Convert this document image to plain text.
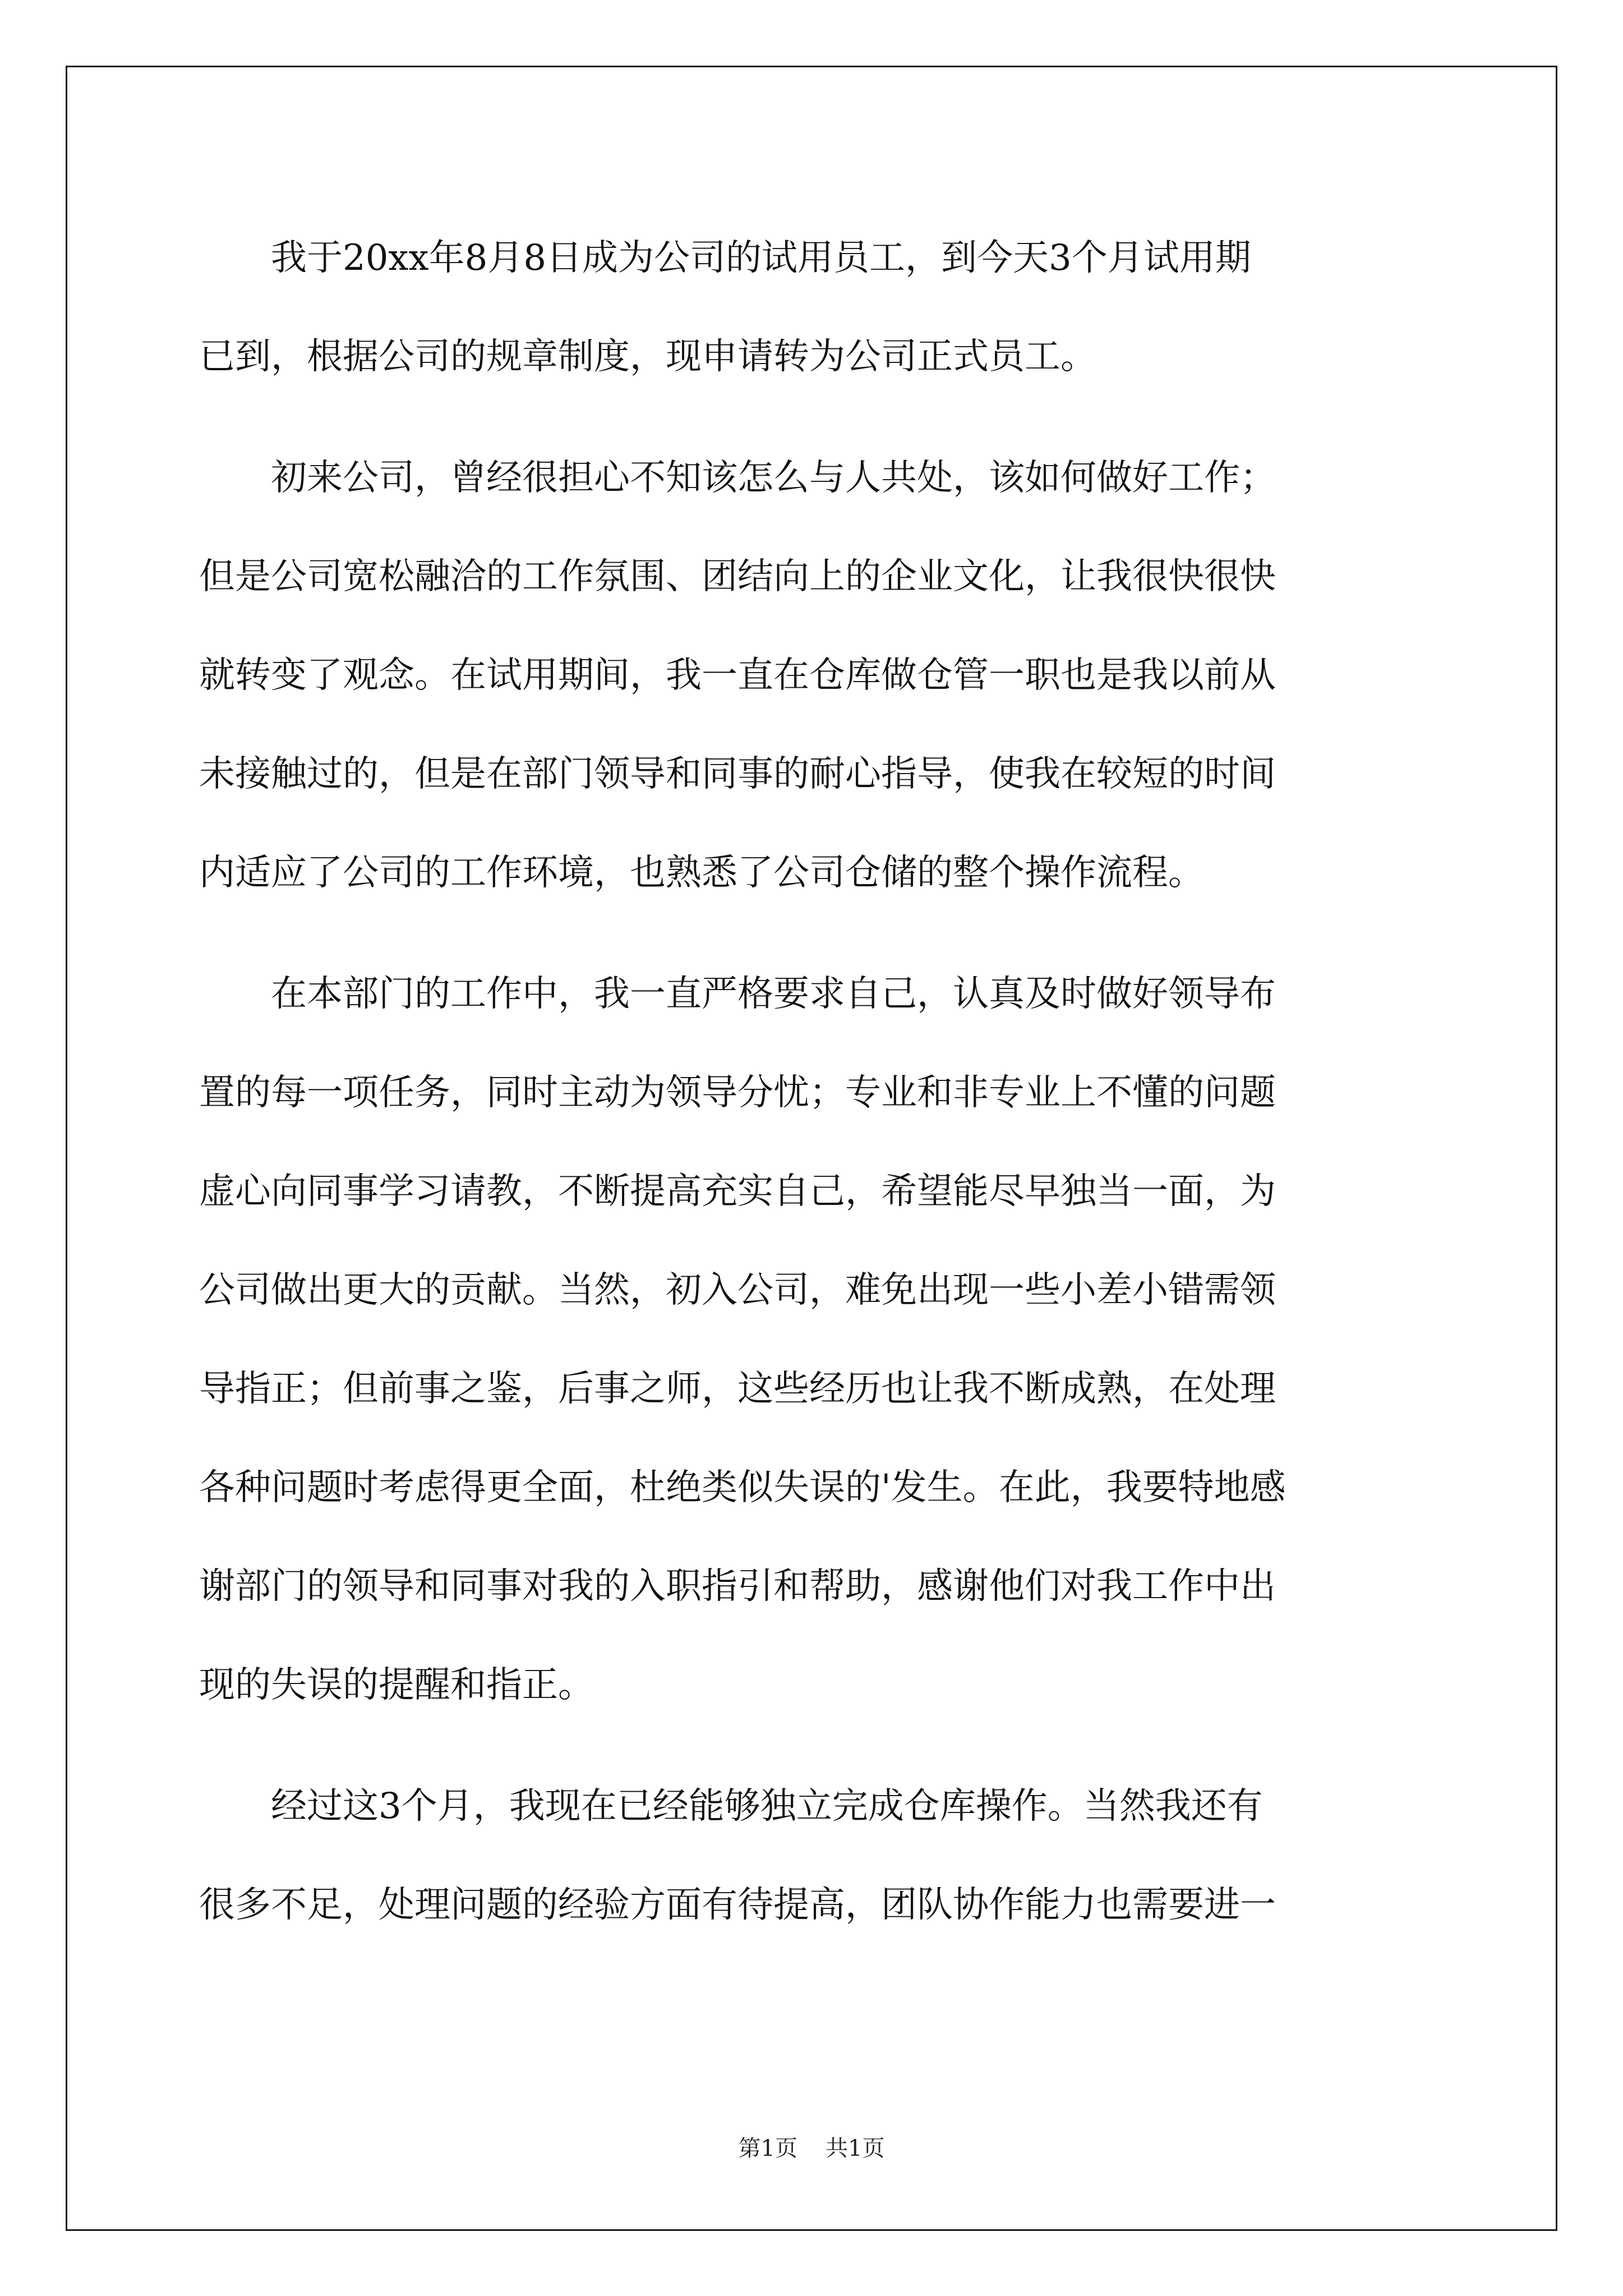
　　我于20xx年8月8日成为公司的试用员工，到今天3个月试用期
已到，根据公司的规章制度，现申请转为公司正式员工。
　　初来公司，曾经很担心不知该怎么与人共处，该如何做好工作；
但是公司宽松融洽的工作氛围、团结向上的企业文化，让我很快很快
就转变了观念。在试用期间，我一直在仓库做仓管一职也是我以前从
未接触过的，但是在部门领导和同事的耐心指导，使我在较短的时间
内适应了公司的工作环境，也熟悉了公司仓储的整个操作流程。
　　在本部门的工作中，我一直严格要求自己，认真及时做好领导布
置的每一项任务，同时主动为领导分忧；专业和非专业上不懂的问题
虚心向同事学习请教，不断提高充实自己，希望能尽早独当一面，为
公司做出更大的贡献。当然，初入公司，难免出现一些小差小错需领
导指正；但前事之鉴，后事之师，这些经历也让我不断成熟，在处理
各种问题时考虑得更全面，杜绝类似失误的'发生。在此，我要特地感
谢部门的领导和同事对我的入职指引和帮助，感谢他们对我工作中出
现的失误的提醒和指正。
　　经过这3个月，我现在已经能够独立完成仓库操作。当然我还有
很多不足，处理问题的经验方面有待提高，团队协作能力也需要进一
第1页 共1页
